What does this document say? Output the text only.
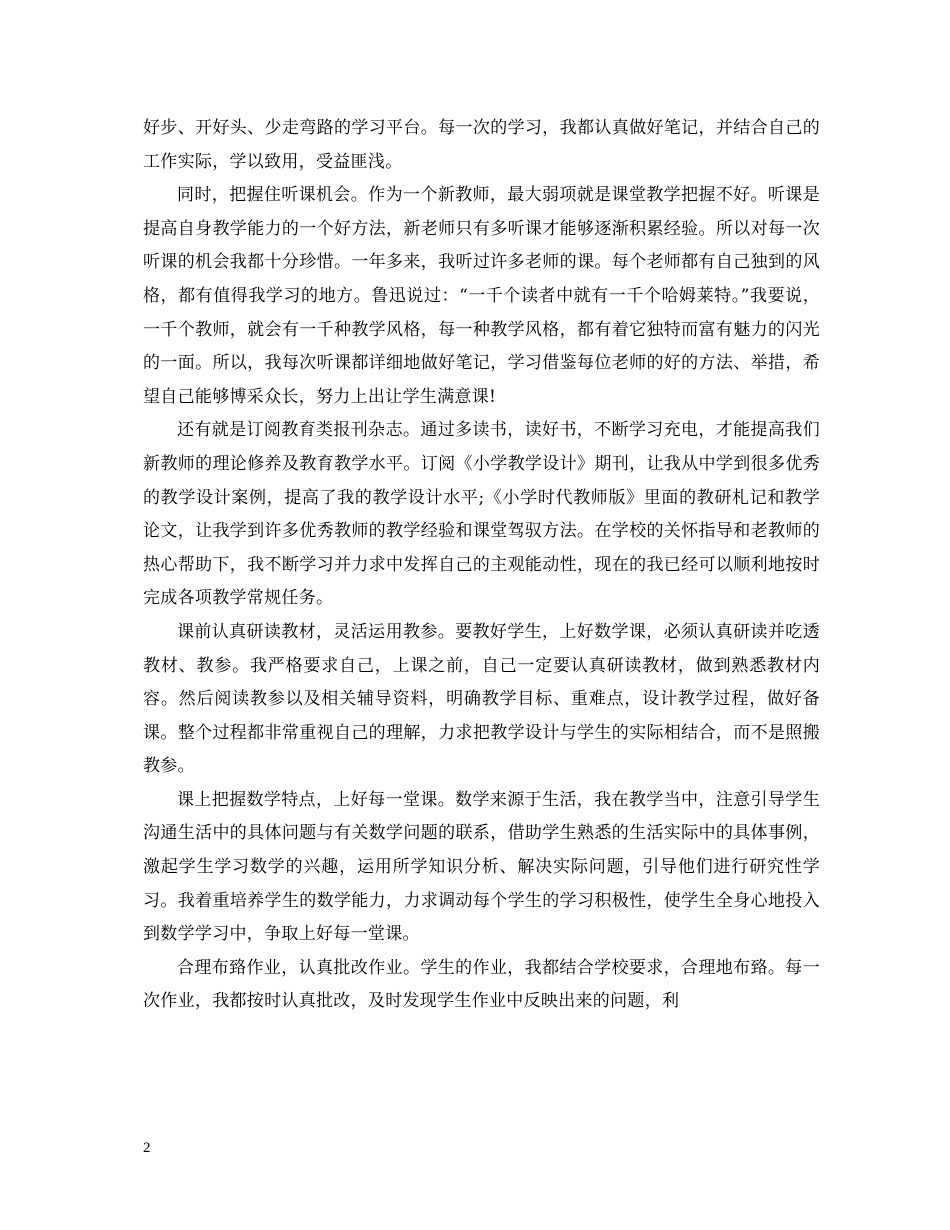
好步、开好头、少走弯路的学习平台。每一次的学习，我都认真做好笔记，并结合自己的工作实际，学以致用，受益匪浅。

同时，把握住听课机会。作为一个新教师，最大弱项就是课堂教学把握不好。听课是提高自身教学能力的一个好方法，新老师只有多听课才能够逐渐积累经验。所以对每一次听课的机会我都十分珍惜。一年多来，我听过许多老师的课。每个老师都有自己独到的风格，都有值得我学习的地方。鲁迅说过：“一千个读者中就有一千个哈姆莱特。”我要说，一千个教师，就会有一千种教学风格，每一种教学风格，都有着它独特而富有魅力的闪光的一面。所以，我每次听课都详细地做好笔记，学习借鉴每位老师的好的方法、举措，希望自己能够博采众长，努力上出让学生满意课!

还有就是订阅教育类报刊杂志。通过多读书，读好书，不断学习充电，才能提高我们新教师的理论修养及教育教学水平。订阅《小学教学设计》期刊，让我从中学到很多优秀的教学设计案例，提高了我的教学设计水平;《小学时代教师版》里面的教研札记和教学论文，让我学到许多优秀教师的教学经验和课堂驾驭方法。在学校的关怀指导和老教师的热心帮助下，我不断学习并力求中发挥自己的主观能动性，现在的我已经可以顺利地按时完成各项教学常规任务。

课前认真研读教材，灵活运用教参。要教好学生，上好数学课，必须认真研读并吃透教材、教参。我严格要求自己，上课之前，自己一定要认真研读教材，做到熟悉教材内容。然后阅读教参以及相关辅导资料，明确教学目标、重难点，设计教学过程，做好备课。整个过程都非常重视自己的理解，力求把教学设计与学生的实际相结合，而不是照搬教参。

课上把握数学特点，上好每一堂课。数学来源于生活，我在教学当中，注意引导学生沟通生活中的具体问题与有关数学问题的联系，借助学生熟悉的生活实际中的具体事例，激起学生学习数学的兴趣，运用所学知识分析、解决实际问题，引导他们进行研究性学习。我着重培养学生的数学能力，力求调动每个学生的学习积极性，使学生全身心地投入到数学学习中，争取上好每一堂课。

合理布臵作业，认真批改作业。学生的作业，我都结合学校要求，合理地布臵。每一次作业，我都按时认真批改，及时发现学生作业中反映出来的问题，利

2
